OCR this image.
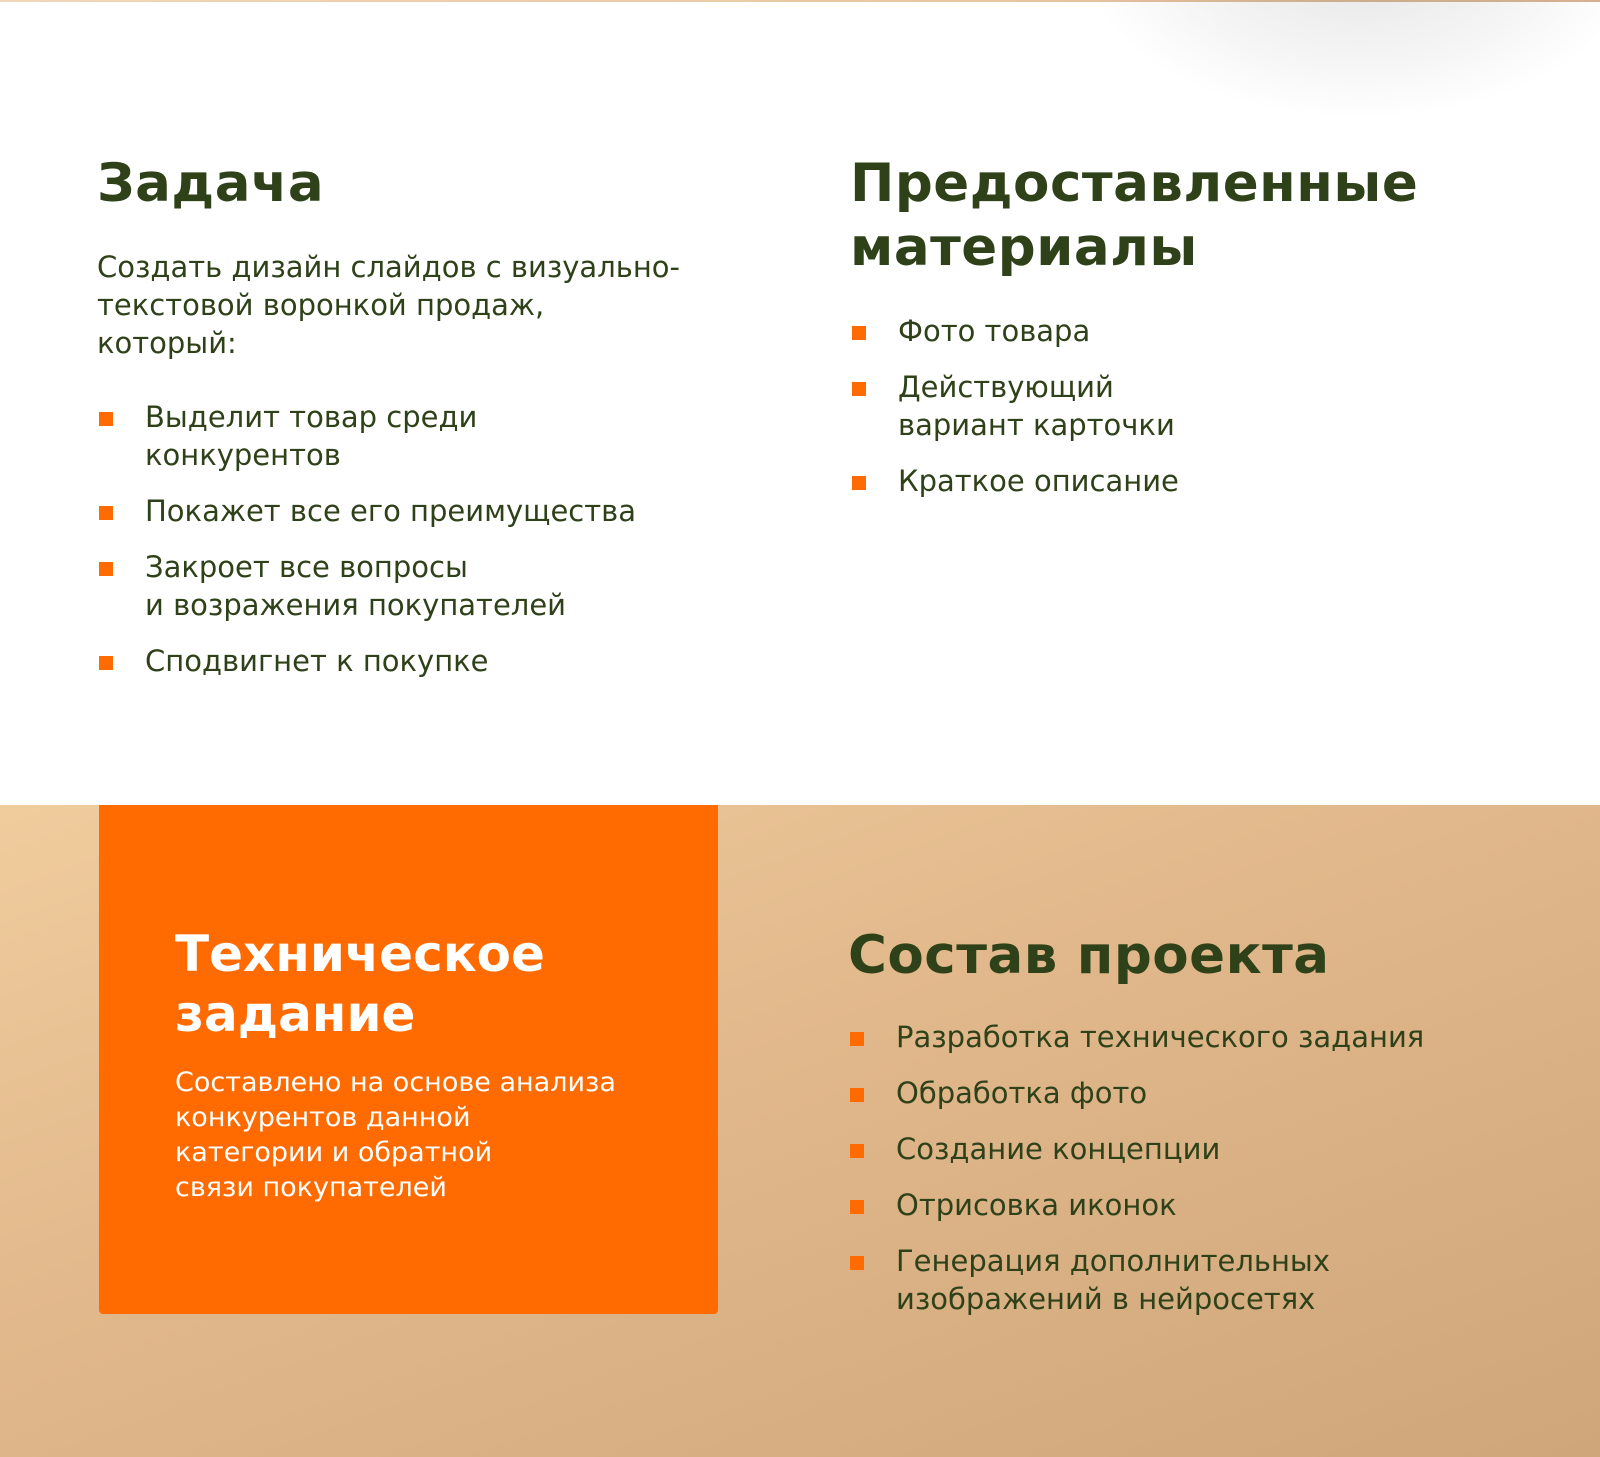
Задача
Создать дизайн слайдов с визуально-
текстовой воронкой продаж,
который:
Выделит товар среди
конкурентов
Покажет все его преимущества
Закроет все вопросы
и возражения покупателей
Сподвигнет к покупке
Предоставленные
материалы
Фото товара
Действующий
вариант карточки
Краткое описание
Техническое
задание
Составлено на основе анализа
конкурентов данной
категории и обратной
связи покупателей
Состав проекта
Разработка технического задания
Обработка фото
Создание концепции
Отрисовка иконок
Генерация дополнительных
изображений в нейросетях
